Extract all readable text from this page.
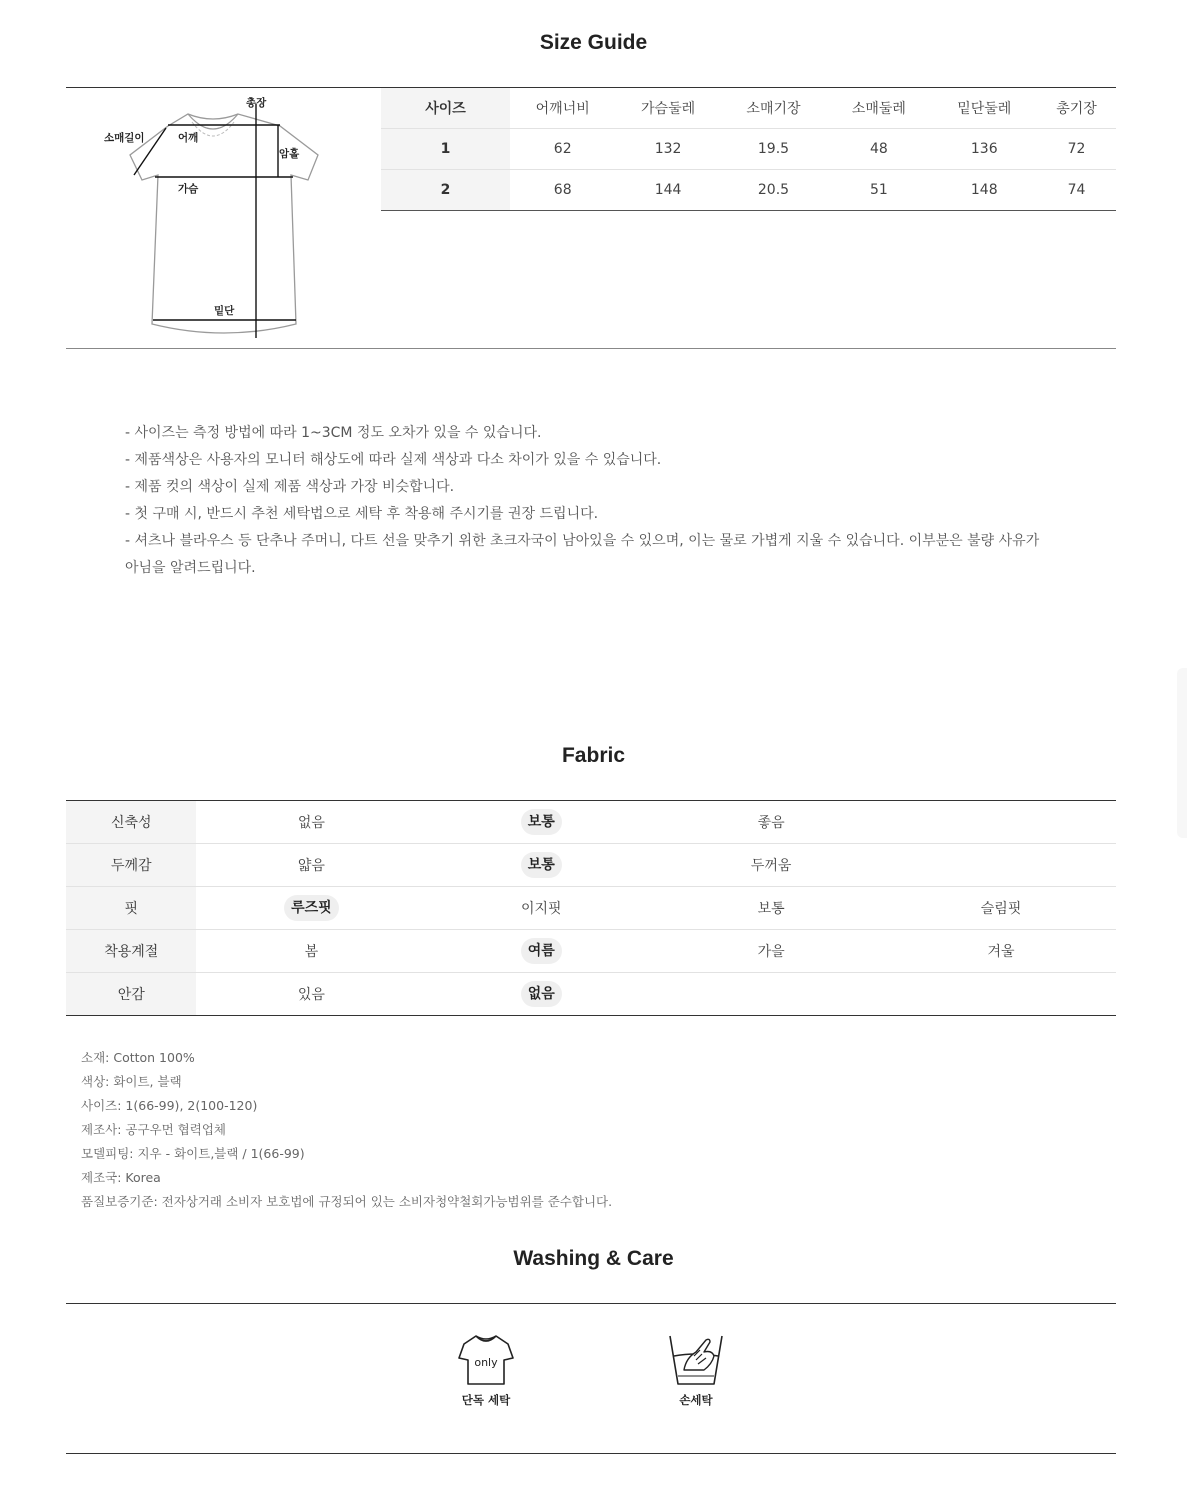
Size Guide
총장
소매길이	어깨
암홀
가슴
밑단
사이즈	어깨너비	가슴둘레	소매기장	소매둘레	밑단둘레	총기장
1	62	132	19.5	48	136	72
2	68	144	20.5	51	148	74
- 사이즈는 측정 방법에 따라 1~3CM 정도 오차가 있을 수 있습니다.
- 제품색상은 사용자의 모니터 해상도에 따라 실제 색상과 다소 차이가 있을 수 있습니다.
- 제품 컷의 색상이 실제 제품 색상과 가장 비슷합니다.
- 첫 구매 시, 반드시 추천 세탁법으로 세탁 후 착용해 주시기를 권장 드립니다.
- 셔츠나 블라우스 등 단추나 주머니, 다트 선을 맞추기 위한 초크자국이 남아있을 수 있으며, 이는 물로 가볍게 지울 수 있습니다. 이부분은 불량 사유가
아님을 알려드립니다.
Fabric
신축성	없음	보통	좋음	
두께감	얇음	보통	두꺼움	
핏	루즈핏	이지핏	보통	슬림핏
착용계절	봄	여름	가을	겨울
안감	있음	없음		
소재: Cotton 100%
색상: 화이트, 블랙
사이즈: 1(66-99), 2(100-120)
제조사: 공구우먼 협력업체
모델피팅: 지우 - 화이트,블랙 / 1(66-99)
제조국: Korea
품질보증기준: 전자상거래 소비자 보호법에 규정되어 있는 소비자청약철회가능범위를 준수합니다.
Washing & Care
only
단독 세탁	손세탁
